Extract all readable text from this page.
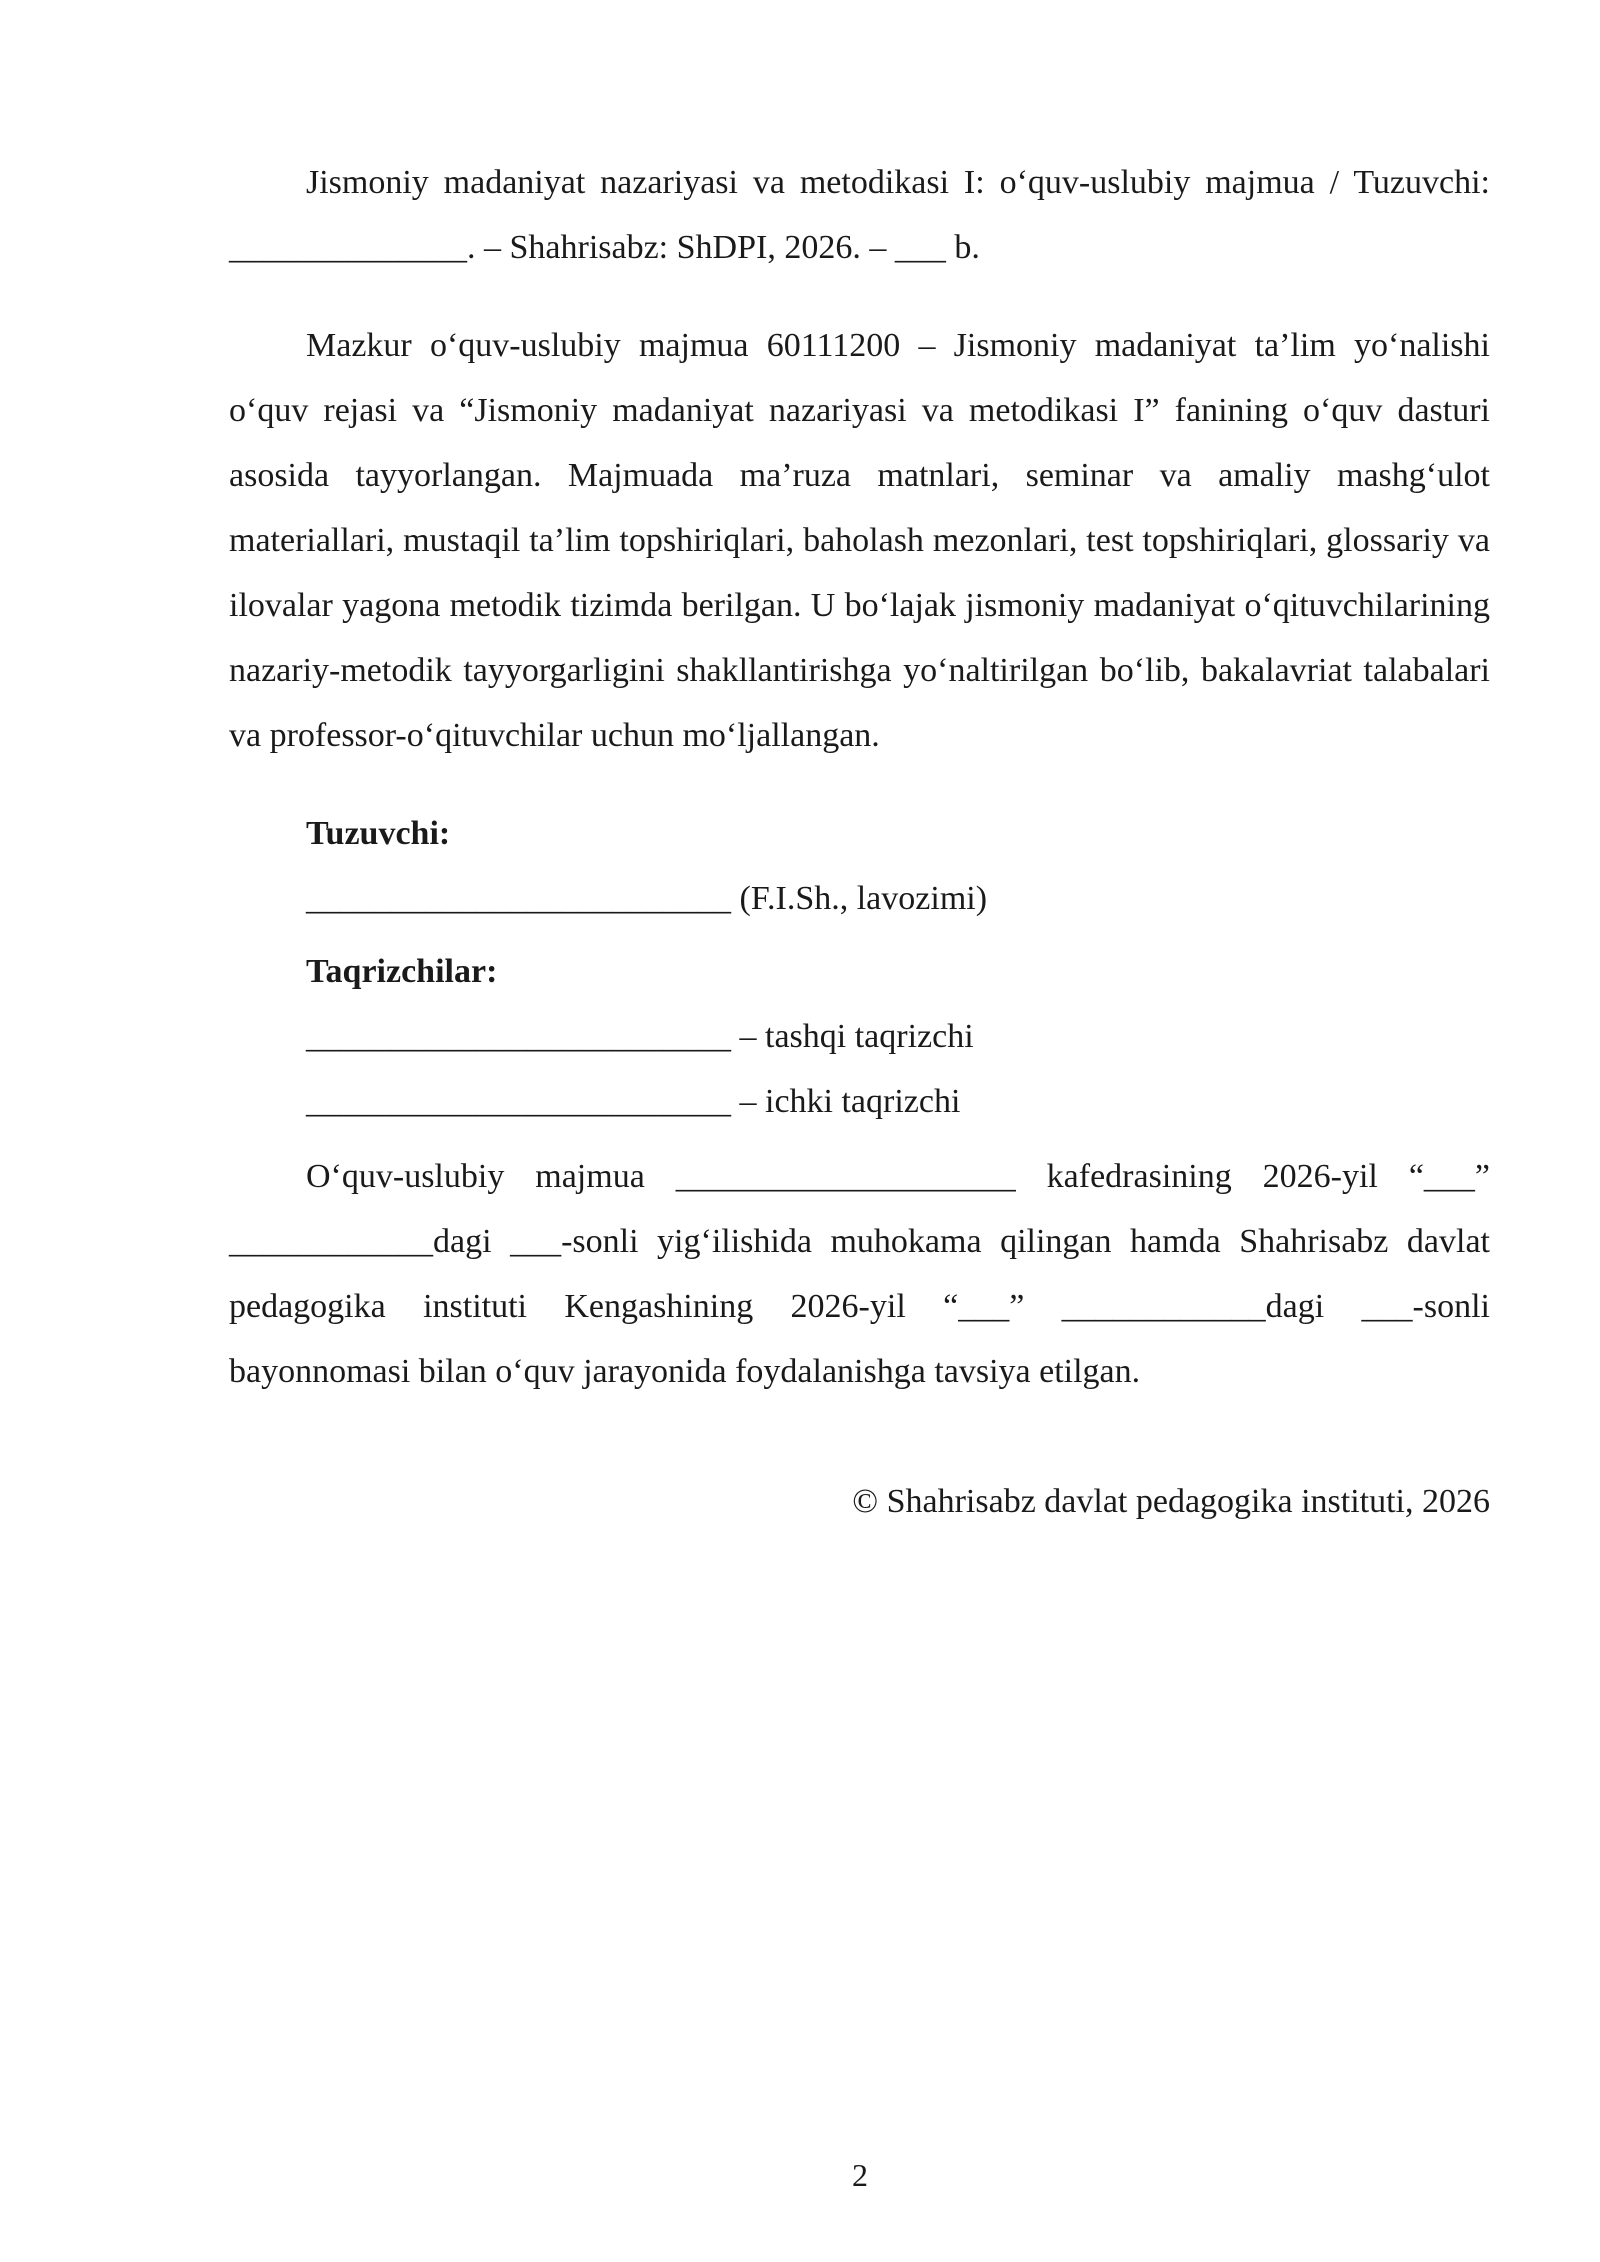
Jismoniy madaniyat nazariyasi va metodikasi I: o‘quv-uslubiy majmua / Tuzuvchi: ______________. – Shahrisabz: ShDPI, 2026. – ___ b.

Mazkur o‘quv-uslubiy majmua 60111200 – Jismoniy madaniyat ta’lim yo‘nalishi o‘quv rejasi va “Jismoniy madaniyat nazariyasi va metodikasi I” fanining o‘quv dasturi asosida tayyorlangan. Majmuada ma’ruza matnlari, seminar va amaliy mashg‘ulot materiallari, mustaqil ta’lim topshiriqlari, baholash mezonlari, test topshiriqlari, glossariy va ilovalar yagona metodik tizimda berilgan. U bo‘lajak jismoniy madaniyat o‘qituvchilarining nazariy-metodik tayyorgarligini shakllantirishga yo‘naltirilgan bo‘lib, bakalavriat talabalari va professor-o‘qituvchilar uchun mo‘ljallangan.

Tuzuvchi:

_________________________ (F.I.Sh., lavozimi)

Taqrizchilar:

_________________________ – tashqi taqrizchi

_________________________ – ichki taqrizchi

O‘quv-uslubiy majmua ____________________ kafedrasining 2026-yil “___” ____________dagi ___-sonli yig‘ilishida muhokama qilingan hamda Shahrisabz davlat pedagogika instituti Kengashining 2026-yil “___” ____________dagi ___-sonli bayonnomasi bilan o‘quv jarayonida foydalanishga tavsiya etilgan.

© Shahrisabz davlat pedagogika instituti, 2026

2
